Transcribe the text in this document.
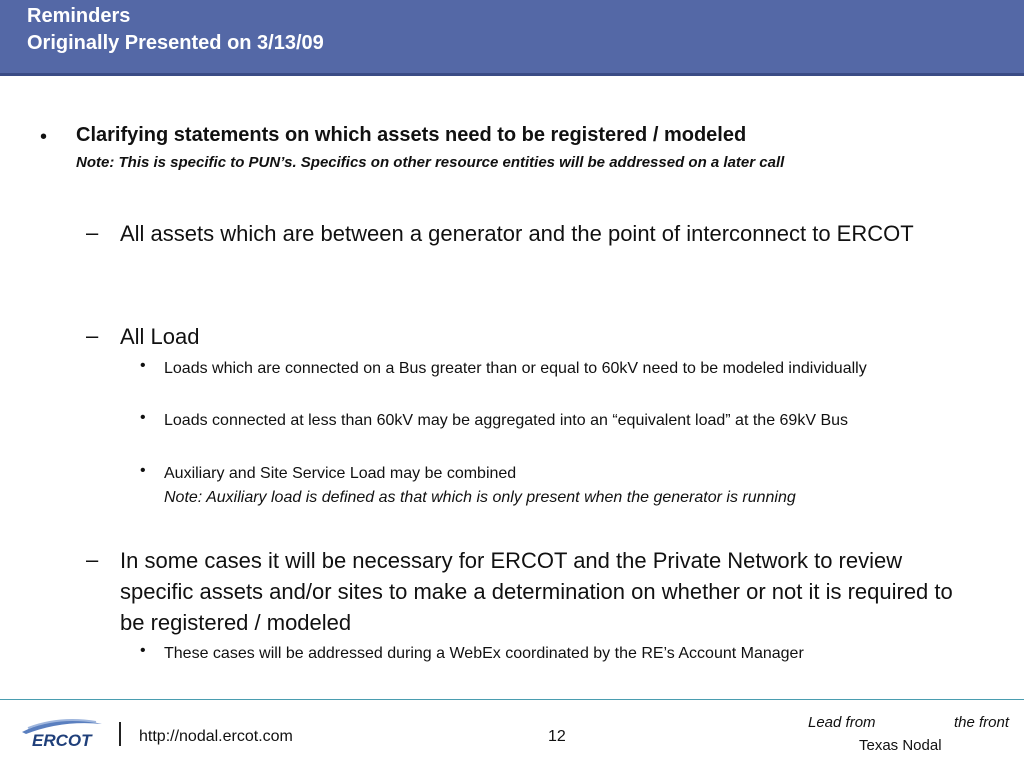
Reminders
Originally Presented on 3/13/09
• Clarifying statements on which assets need to be registered / modeled
Note: This is specific to PUN’s. Specifics on other resource entities will be addressed on a later call
– All assets which are between a generator and the point of interconnect to ERCOT
– All Load
• Loads which are connected on a Bus greater than or equal to 60kV need to be modeled individually
• Loads connected at less than 60kV may be aggregated into an “equivalent load” at the 69kV Bus
• Auxiliary and Site Service Load may be combined
Note: Auxiliary load is defined as that which is only present when the generator is running
– In some cases it will be necessary for ERCOT and the Private Network to review specific assets and/or sites to make a determination on whether or not it is required to be registered / modeled
• These cases will be addressed during a WebEx coordinated by the RE’s Account Manager
ERCOT	http://nodal.ercot.com	12
Lead from	the front
Texas Nodal
